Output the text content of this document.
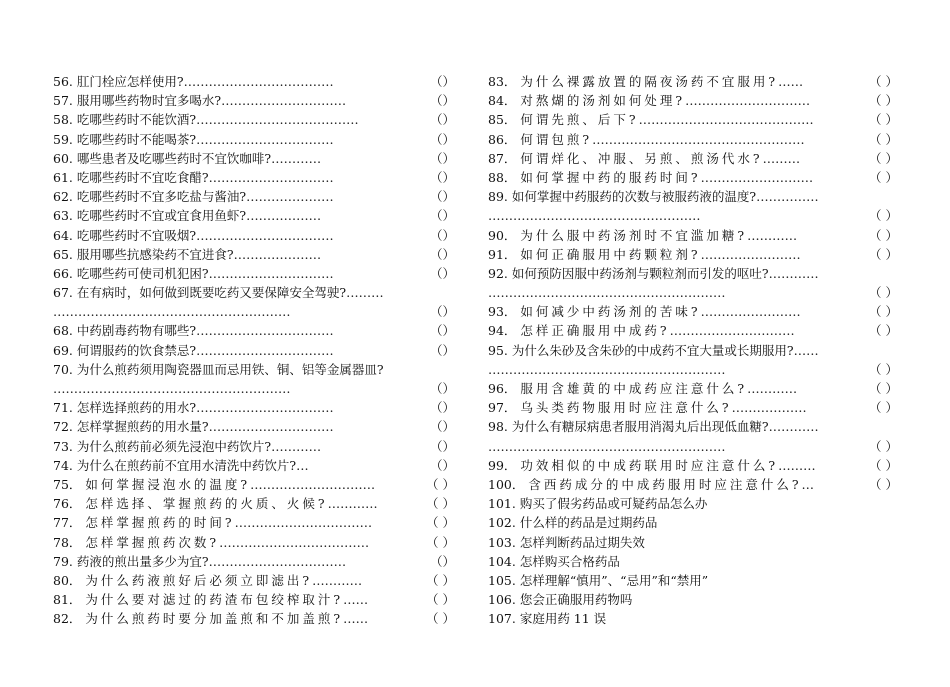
56. 肛门栓应怎样使用?………………………………	（）
57. 服用哪些药物时宜多喝水?…………………………	（）
58. 吃哪些药时不能饮酒?…………………………………	（）
59. 吃哪些药时不能喝茶?……………………………	（）
60. 哪些患者及吃哪些药时不宜饮咖啡?…………	（）
61. 吃哪些药时不宜吃食醋?…………………………	（）
62. 吃哪些药时不宜多吃盐与酱油?…………………	（）
63. 吃哪些药时不宜或宜食用鱼虾?………………	（）
64. 吃哪些药时不宜吸烟?……………………………	（）
65. 服用哪些抗感染药不宜进食?…………………	（）
66. 吃哪些药可使司机犯困?…………………………	（）
67. 在有病时，如何做到既要吃药又要保障安全驾驶?………
…………………………………………………	（）
68. 中药剧毒药物有哪些?……………………………	（）
69. 何谓服药的饮食禁忌?……………………………	（）
70. 为什么煎药须用陶瓷器皿而忌用铁、铜、铝等金属器皿?
…………………………………………………	（）
71. 怎样选择煎药的用水?……………………………	（）
72. 怎样掌握煎药的用水量?…………………………	（）
73. 为什么煎药前必须先浸泡中药饮片?…………	（）
74. 为什么在煎药前不宜用水清洗中药饮片?…	（）
75． 如何掌握浸泡水的温度?…………………………	（ ）
76． 怎样选择、掌握煎药的火质、火候?…………	（ ）
77． 怎样掌握煎药的时间?……………………………	（ ）
78． 怎样掌握煎药次数?………………………………	（ ）
79. 药液的煎出量多少为宜?……………………………	（）
80． 为什么药液煎好后必须立即滤出?…………	（ ）
81． 为什么要对滤过的药渣布包绞榨取汁?……	（ ）
82． 为什么煎药时要分加盖煎和不加盖煎?……	（ ）
83． 为什么裸露放置的隔夜汤药不宜服用?……	（ ）
84． 对熬煳的汤剂如何处理?…………………………	（ ）
85． 何谓先煎、后下?……………………………………	（ ）
86． 何谓包煎?……………………………………………	（ ）
87． 何谓烊化、冲服、另煎、煎汤代水?………	（ ）
88． 如何掌握中药的服药时间?………………………	（ ）
89. 如何掌握中药服药的次数与被服药液的温度?……………
……………………………………………	（ ）
90． 为什么服中药汤剂时不宜滥加糖?…………	（ ）
91． 如何正确服用中药颗粒剂?……………………	（ ）
92. 如何预防因服中药汤剂与颗粒剂而引发的呕吐?…………
…………………………………………………	（ ）
93． 如何减少中药汤剂的苦味?……………………	（ ）
94． 怎样正确服用中成药?…………………………	（ ）
95. 为什么朱砂及含朱砂的中成药不宜大量或长期服用?……
…………………………………………………	（ ）
96． 服用含雄黄的中成药应注意什么?…………	（ ）
97． 乌头类药物服用时应注意什么?………………	（ ）
98. 为什么有糖尿病患者服用消渴丸后出现低血糖?…………
…………………………………………………	（ ）
99． 功效相似的中成药联用时应注意什么?………	（ ）
100． 含西药成分的中成药服用时应注意什么?…	（ ）
101. 购买了假劣药品或可疑药品怎么办
102. 什么样的药品是过期药品
103. 怎样判断药品过期失效
104. 怎样购买合格药品
105. 怎样理解“慎用”、“忌用”和“禁用”
106. 您会正确服用药物吗
107. 家庭用药 11 误
